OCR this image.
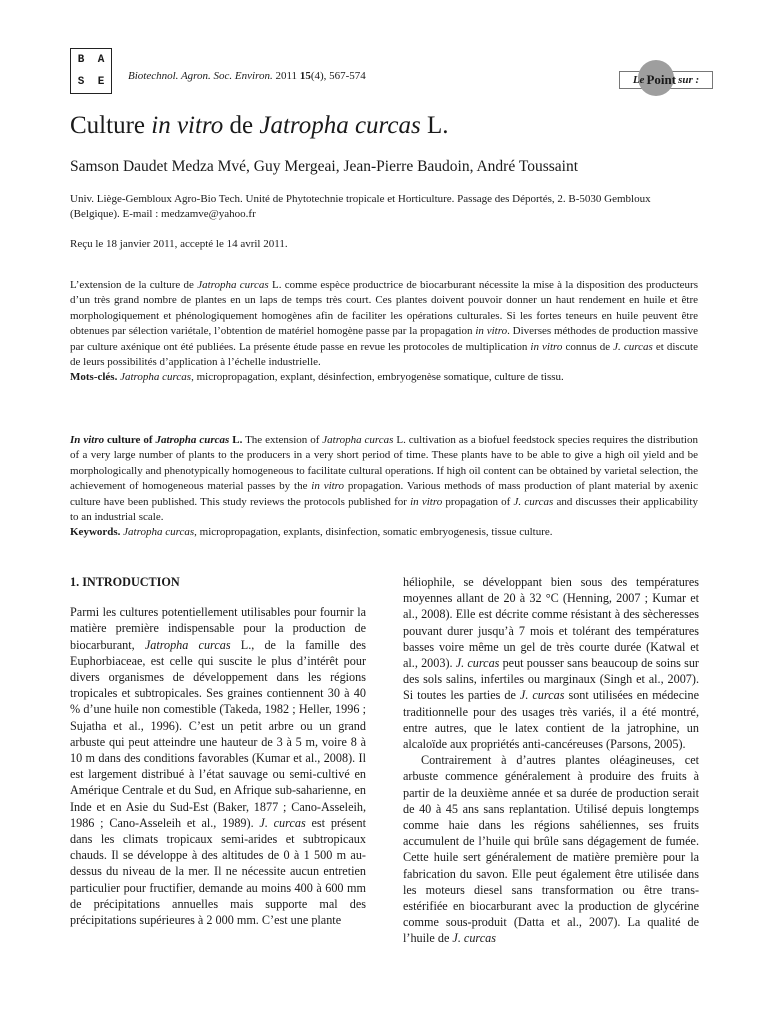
B	A
S	E	Biotechnol. Agron. Soc. Environ. 2011 15(4), 567-574	Le Point sur :
Culture in vitro de Jatropha curcas L.
Samson Daudet Medza Mvé, Guy Mergeai, Jean-Pierre Baudoin, André Toussaint
Univ. Liège-Gembloux Agro-Bio Tech. Unité de Phytotechnie tropicale et Horticulture. Passage des Déportés, 2. B-5030 Gembloux (Belgique). E-mail : medzamve@yahoo.fr
Reçu le 18 janvier 2011, accepté le 14 avril 2011.

L’extension de la culture de Jatropha curcas L. comme espèce productrice de biocarburant nécessite la mise à la disposition des producteurs d’un très grand nombre de plantes en un laps de temps très court. Ces plantes doivent pouvoir donner un haut rendement en huile et être morphologiquement et phénologiquement homogènes afin de faciliter les opérations culturales. Si les fortes teneurs en huile peuvent être obtenues par sélection variétale, l’obtention de matériel homogène passe par la propagation in vitro. Diverses méthodes de production massive par culture axénique ont été publiées. La présente étude passe en revue les protocoles de multiplication in vitro connus de J. curcas et discute de leurs possibilités d’application à l’échelle industrielle.

Mots-clés. Jatropha curcas, micropropagation, explant, désinfection, embryogenèse somatique, culture de tissu.

In vitro culture of Jatropha curcas L. The extension of Jatropha curcas L. cultivation as a biofuel feedstock species requires the distribution of a very large number of plants to the producers in a very short period of time. These plants have to be able to give a high oil yield and be morphologically and phenotypically homogeneous to facilitate cultural operations. If high oil content can be obtained by varietal selection, the achievement of homogeneous material passes by the in vitro propagation. Various methods of mass production of plant material by axenic culture have been published. This study reviews the protocols published for in vitro propagation of J. curcas and discusses their applicability to an industrial scale.

Keywords. Jatropha curcas, micropropagation, explants, disinfection, somatic embryogenesis, tissue culture.

1. INTRODUCTION

Parmi les cultures potentiellement utilisables pour fournir la matière première indispensable pour la production de biocarburant, Jatropha curcas L., de la famille des Euphorbiaceae, est celle qui suscite le plus d’intérêt pour divers organismes de développement dans les régions tropicales et subtropicales. Ses graines contiennent 30 à 40 % d’une huile non comestible (Takeda, 1982 ; Heller, 1996 ; Sujatha et al., 1996). C’est un petit arbre ou un grand arbuste qui peut atteindre une hauteur de 3 à 5 m, voire 8 à 10 m dans des conditions favorables (Kumar et al., 2008). Il est largement distribué à l’état sauvage ou semi-cultivé en Amérique Centrale et du Sud, en Afrique sub-saharienne, en Inde et en Asie du Sud-Est (Baker, 1877 ; Cano-Asseleih, 1986 ; Cano-Asseleih et al., 1989). J. curcas est présent dans les climats tropicaux semi-arides et subtropicaux chauds. Il se développe à des altitudes de 0 à 1 500 m au-dessus du niveau de la mer. Il ne nécessite aucun entretien particulier pour fructifier, demande au moins 400 à 600 mm de précipitations annuelles mais supporte mal des précipitations supérieures à 2 000 mm. C’est une plante

héliophile, se développant bien sous des températures moyennes allant de 20 à 32 °C (Henning, 2007 ; Kumar et al., 2008). Elle est décrite comme résistant à des sècheresses pouvant durer jusqu’à 7 mois et tolérant des températures basses voire même un gel de très courte durée (Katwal et al., 2003). J. curcas peut pousser sans beaucoup de soins sur des sols salins, infertiles ou marginaux (Singh et al., 2007). Si toutes les parties de J. curcas sont utilisées en médecine traditionnelle pour des usages très variés, il a été montré, entre autres, que le latex contient de la jatrophine, un alcaloïde aux propriétés anti-cancéreuses (Parsons, 2005).

Contrairement à d’autres plantes oléagineuses, cet arbuste commence généralement à produire des fruits à partir de la deuxième année et sa durée de production serait de 40 à 45 ans sans replantation. Utilisé depuis longtemps comme haie dans les régions sahéliennes, ses fruits accumulent de l’huile qui brûle sans dégagement de fumée. Cette huile sert généralement de matière première pour la fabrication du savon. Elle peut également être utilisée dans les moteurs diesel sans transformation ou être trans-estérifiée en biocarburant avec la production de glycérine comme sous-produit (Datta et al., 2007). La qualité de l’huile de J. curcas
